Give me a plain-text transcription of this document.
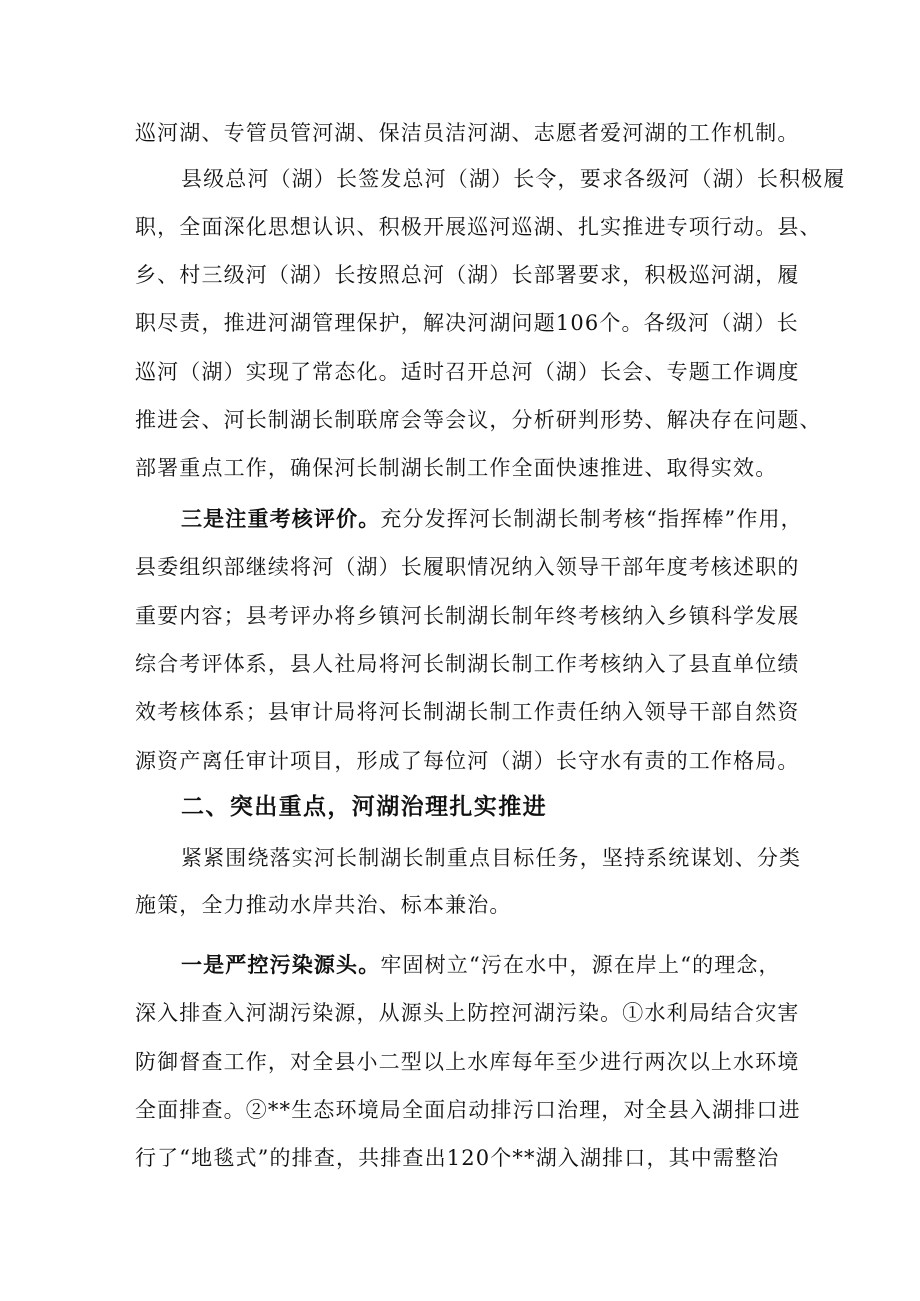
巡河湖、专管员管河湖、保洁员洁河湖、志愿者爱河湖的工作机制。
县级总河（湖）长签发总河（湖）长令，要求各级河（湖）长积极履
职，全面深化思想认识、积极开展巡河巡湖、扎实推进专项行动。县、
乡、村三级河（湖）长按照总河（湖）长部署要求，积极巡河湖，履
职尽责，推进河湖管理保护，解决河湖问题106个。各级河（湖）长
巡河（湖）实现了常态化。适时召开总河（湖）长会、专题工作调度
推进会、河长制湖长制联席会等会议，分析研判形势、解决存在问题、
部署重点工作，确保河长制湖长制工作全面快速推进、取得实效。
三是注重考核评价。充分发挥河长制湖长制考核“指挥棒”作用，
县委组织部继续将河（湖）长履职情况纳入领导干部年度考核述职的
重要内容；县考评办将乡镇河长制湖长制年终考核纳入乡镇科学发展
综合考评体系，县人社局将河长制湖长制工作考核纳入了县直单位绩
效考核体系；县审计局将河长制湖长制工作责任纳入领导干部自然资
源资产离任审计项目，形成了每位河（湖）长守水有责的工作格局。
二、突出重点，河湖治理扎实推进
紧紧围绕落实河长制湖长制重点目标任务，坚持系统谋划、分类
施策，全力推动水岸共治、标本兼治。
一是严控污染源头。牢固树立“污在水中，源在岸上“的理念，
深入排查入河湖污染源，从源头上防控河湖污染。①水利局结合灾害
防御督查工作，对全县小二型以上水库每年至少进行两次以上水环境
全面排查。②**生态环境局全面启动排污口治理，对全县入湖排口进
行了“地毯式”的排查，共排查出120个**湖入湖排口，其中需整治
